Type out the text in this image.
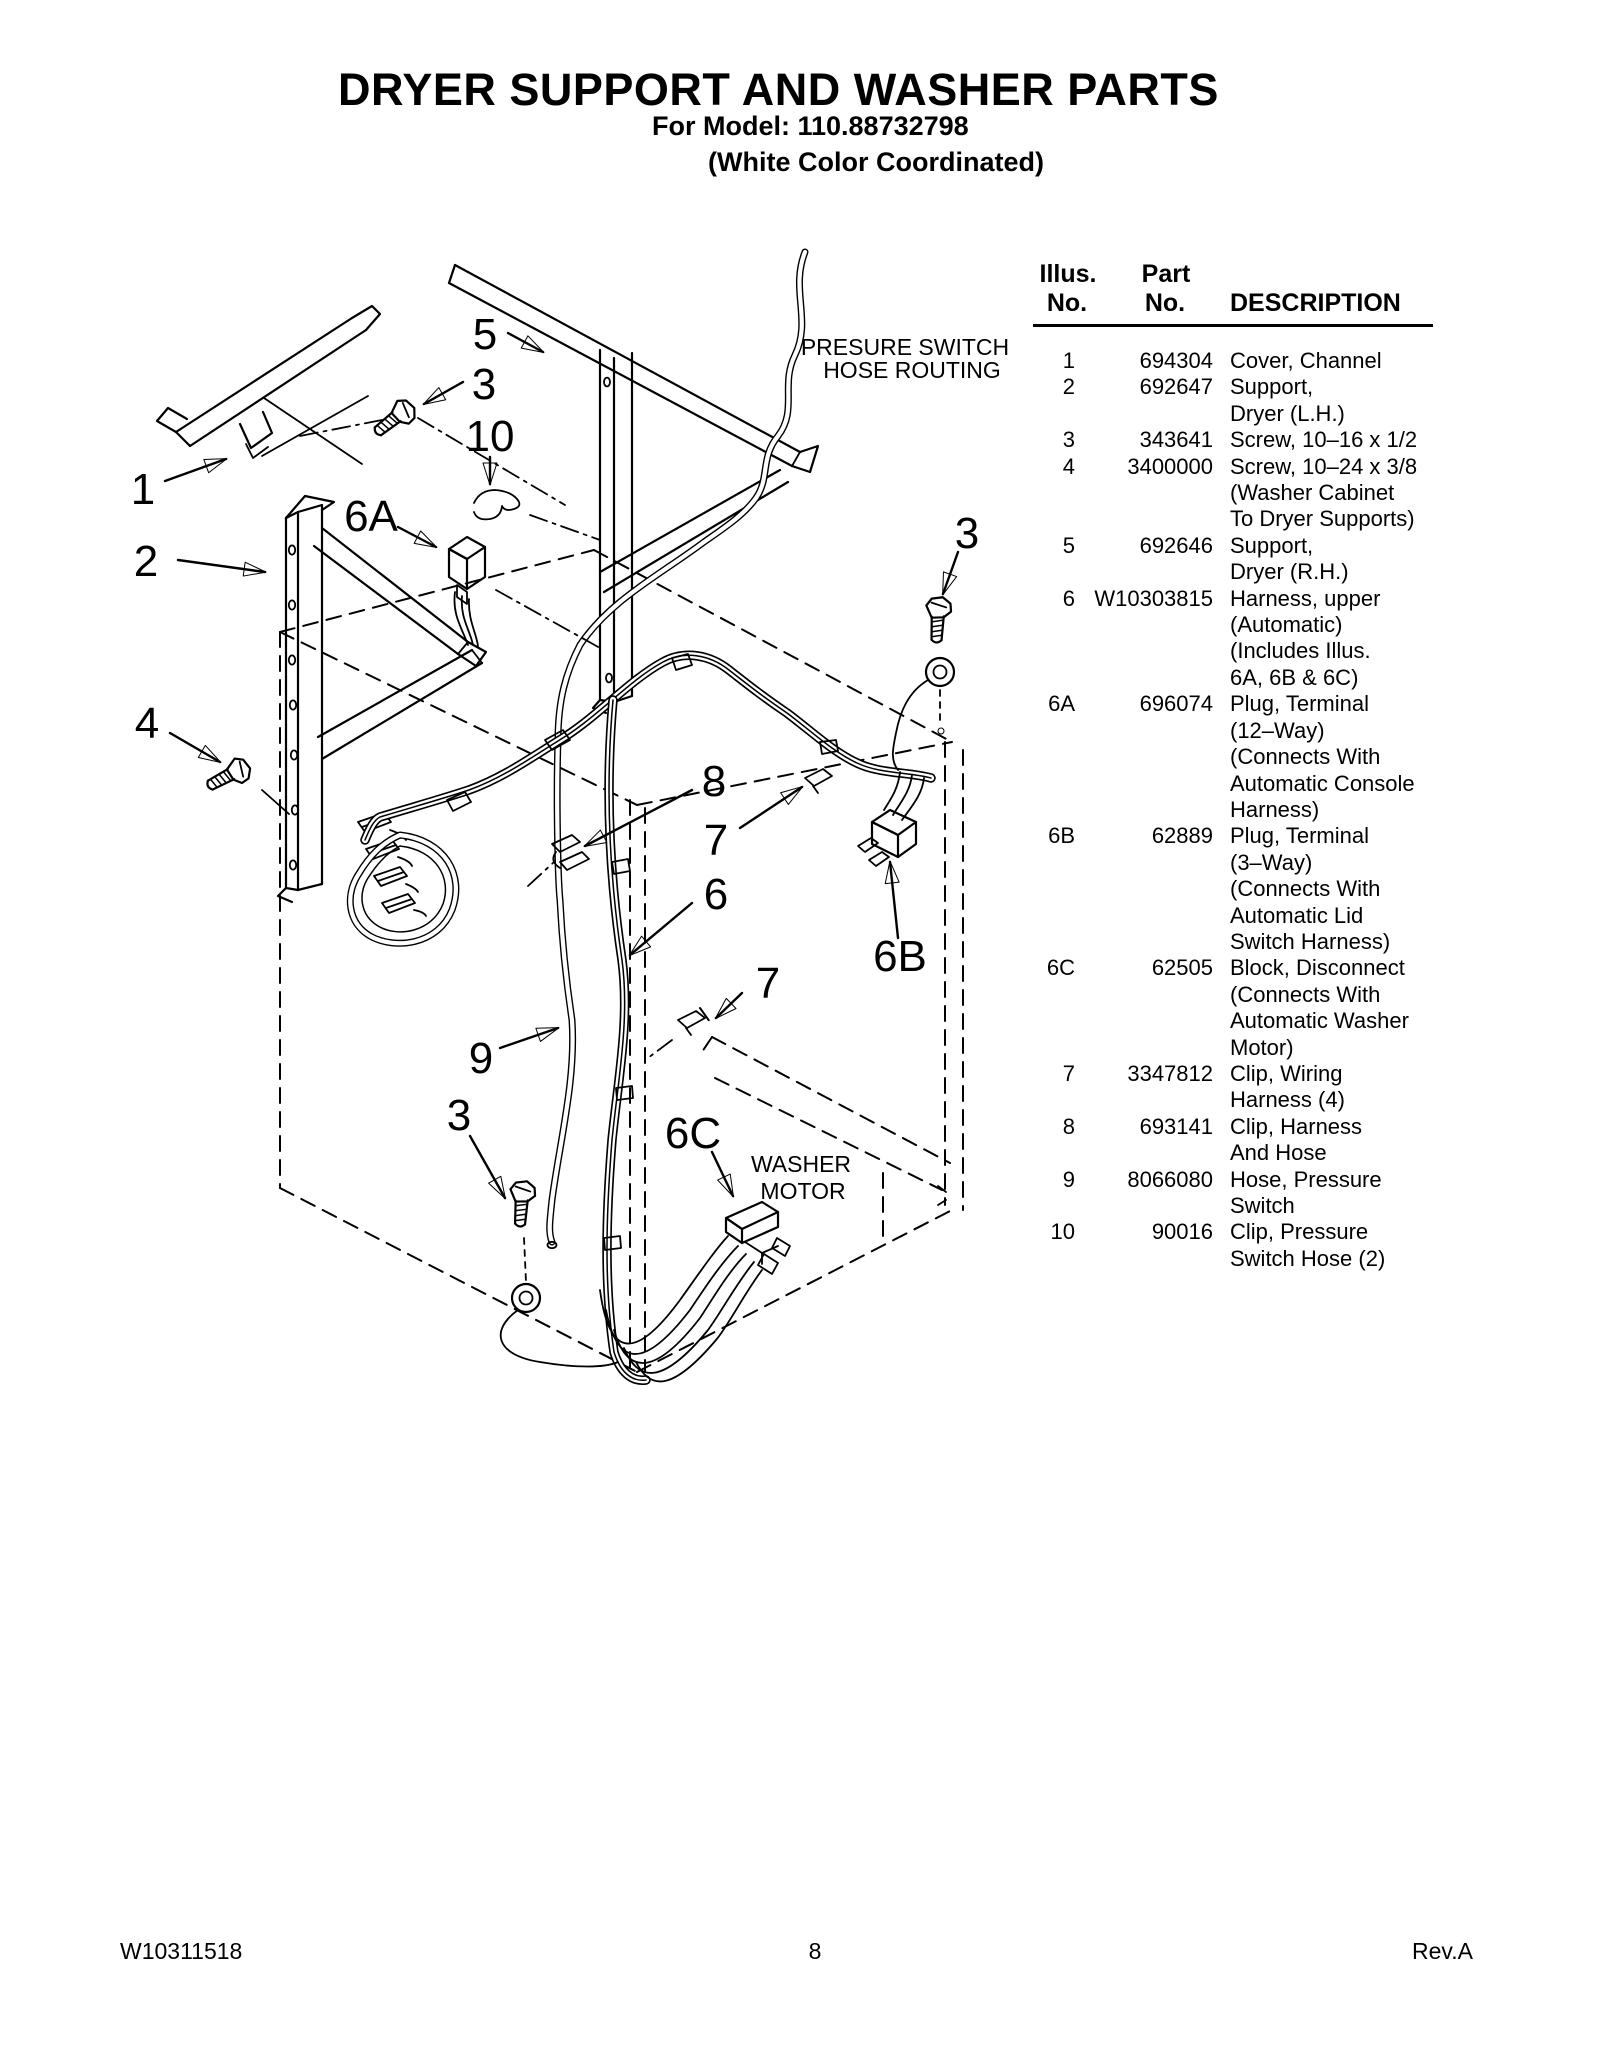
DRYER SUPPORT AND WASHER PARTS
For Model: 110.88732798
(White Color Coordinated)
1
2
4
5
3
10
6A	3
8
7
6
7
6B
9
3	6C
PRESURE SWITCH
HOSE ROUTING
WASHER
MOTOR
Illus.
No.
Part
No. DESCRIPTION
1	694304 Cover, Channel
2	692647 Support,
Dryer (L.H.)
3	343641 Screw, 10–16 x 1/2
4	3400000 Screw, 10–24 x 3/8
(Washer Cabinet
To Dryer Supports)
5	692646 Support,
Dryer (R.H.)
6 W10303815 Harness, upper
(Automatic)
(Includes Illus.
6A, 6B & 6C)
6A	696074 Plug, Terminal
(12–Way)
(Connects With
Automatic Console
Harness)
6B	62889 Plug, Terminal
(3–Way)
(Connects With
Automatic Lid
Switch Harness)
6C	62505 Block, Disconnect
(Connects With
Automatic Washer
Motor)
7	3347812 Clip, Wiring
Harness (4)
8	693141 Clip, Harness
And Hose
9	8066080 Hose, Pressure
Switch
10	90016 Clip, Pressure
Switch Hose (2)
W10311518	8	Rev.A
